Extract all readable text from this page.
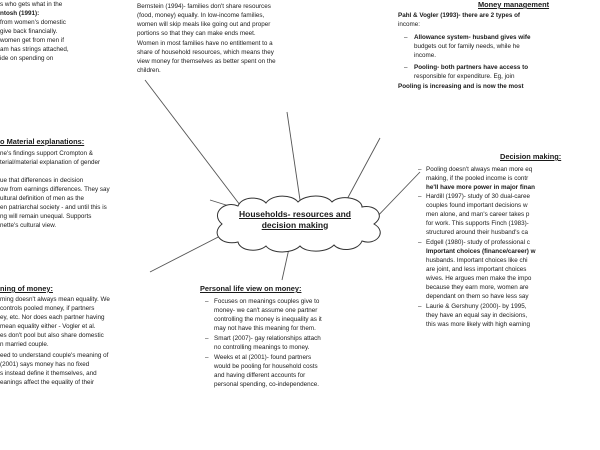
Households- resources and
decision making
s who gets what in the
ntosh (1991):
from women's domestic
give back financially.
women get from men if
am has strings attached,
ide on spending on
Bernstein (1994)- families don't share resources
(food, money) equally. In low-income families,
women will skip meals like going out and proper
portions so that they can make ends meet.
Women in most families have no entitlement to a
share of household resources, which means they
view money for themselves as better spent on the
children.
Money management
Pahl & Vogler (1993)- there are 2 types of
income:
– Allowance system- husband gives wife
budgets out for family needs, while he
income.
– Pooling- both partners have access to
responsible for expenditure. Eg, join
Pooling is increasing and is now the most
o Material explanations:
ne's findings support Crompton &
terial/material explanation of gender
ue that differences in decision
ow from earnings differences. They say
ultural definition of men as the
en patriarchal society - and until this is
ng will remain unequal. Supports
nette's cultural view.
ning of money:
ming doesn't always mean equality. We
controls pooled money, if partners
ey, etc. Nor does each partner having
mean equality either - Vogler et al.
es don't pool but also share domestic
n married couple.
eed to understand couple's meaning of
(2001) says money has no fixed
s instead define it themselves, and
eanings affect the equality of their
Decision making:
– Pooling doesn't always mean more eq
making, if the pooled income is contr
he'll have more power in major finan
– Hardill (1997)- study of 30 dual-caree
couples found important decisions w
men alone, and man's career takes p
for work. This supports Finch (1983)-
structured around their husband's ca
– Edgell (1980)- study of professional c
Important choices (finance/career) w
husbands. Important choices like chi
are joint, and less important choices
wives. He argues men make the impo
because they earn more, women are
dependant on them so have less say
– Laurie & Gershuny (2000)- by 1995,
they have an equal say in decisions,
this was more likely with high earning
Personal life view on money:
– Focuses on meanings couples give to
money- we can't assume one partner
controlling the money is inequality as it
may not have this meaning for them.
– Smart (2007)- gay relationships attach
no controlling meanings to money.
– Weeks et al (2001)- found partners
would be pooling for household costs
and having different accounts for
personal spending, co-independence.
